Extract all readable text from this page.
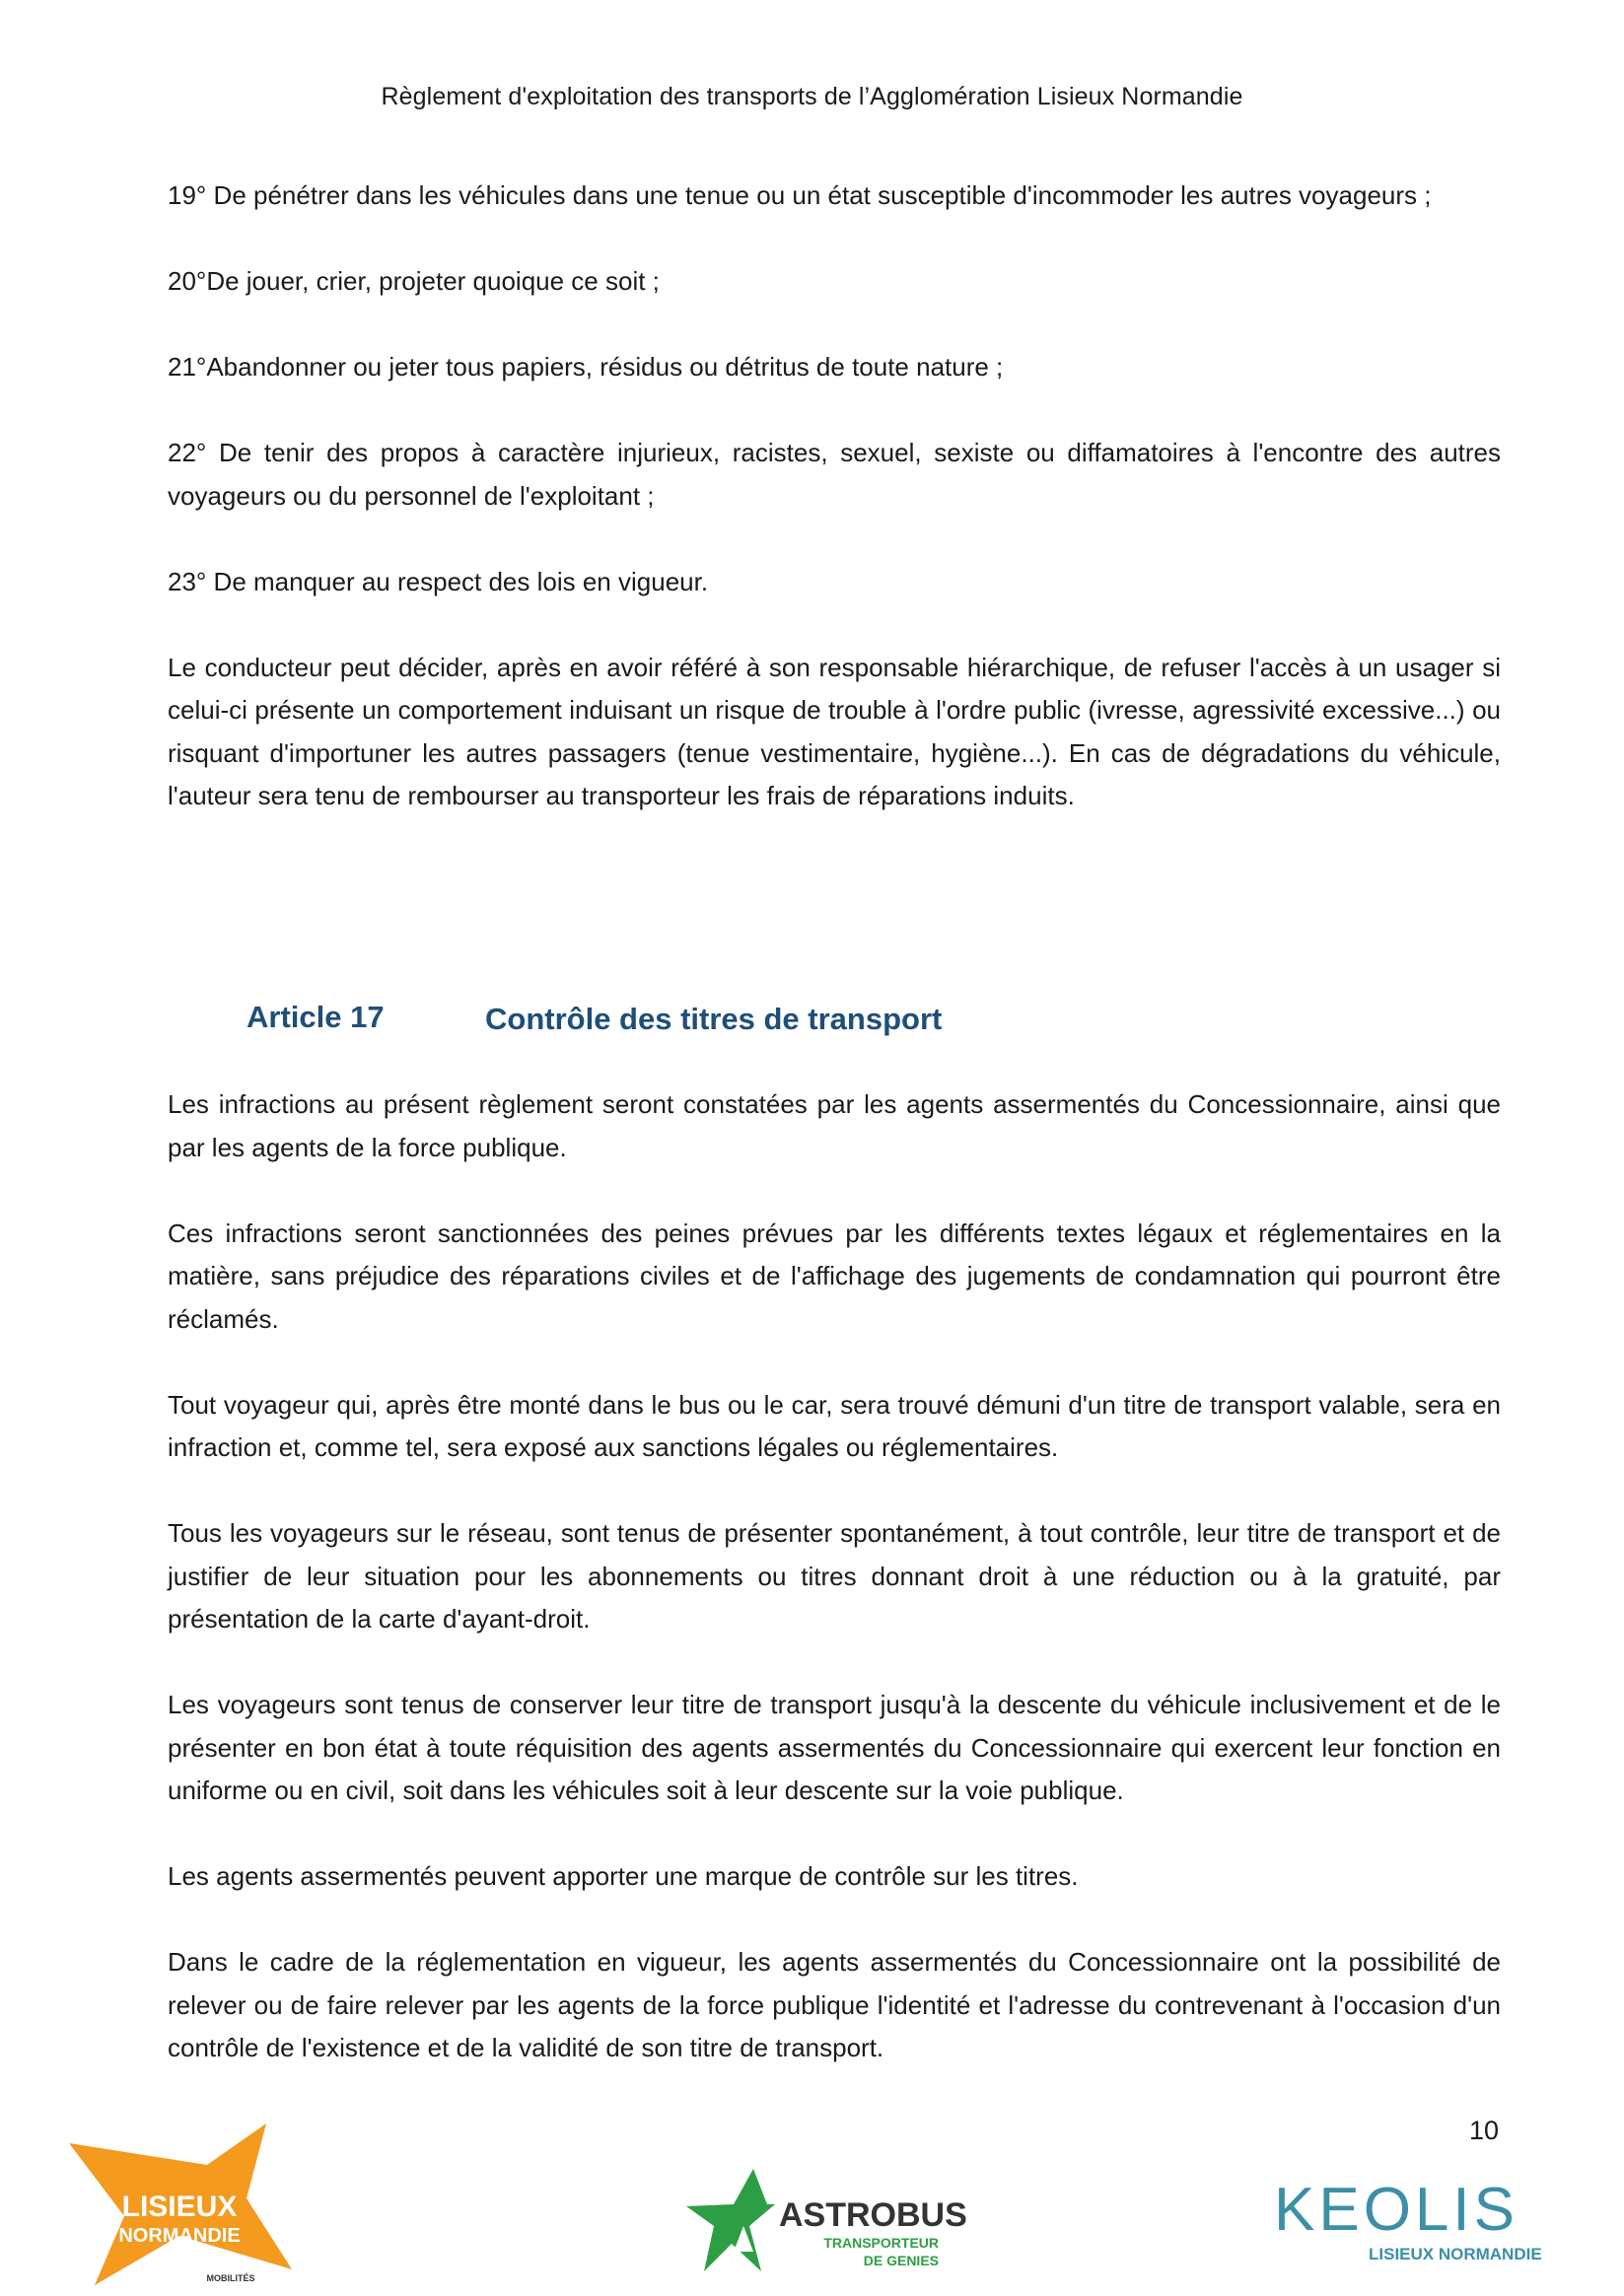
Règlement d'exploitation des transports de l’Agglomération Lisieux Normandie

19° De pénétrer dans les véhicules dans une tenue ou un état susceptible d'incommoder les autres voyageurs ;

20°De jouer, crier, projeter quoique ce soit ;

21°Abandonner ou jeter tous papiers, résidus ou détritus de toute nature ;

22° De tenir des propos à caractère injurieux, racistes, sexuel, sexiste ou diffamatoires à l'encontre des autres voyageurs ou du personnel de l'exploitant ;

23° De manquer au respect des lois en vigueur.

Le conducteur peut décider, après en avoir référé à son responsable hiérarchique, de refuser l'accès à un usager si celui-ci présente un comportement induisant un risque de trouble à l'ordre public (ivresse, agressivité excessive...) ou risquant d'importuner les autres passagers (tenue vestimentaire, hygiène...). En cas de dégradations du véhicule, l'auteur sera tenu de rembourser au transporteur les frais de réparations induits.

Article 17	Contrôle des titres de transport

Les infractions au présent règlement seront constatées par les agents assermentés du Concessionnaire, ainsi que par les agents de la force publique.

Ces infractions seront sanctionnées des peines prévues par les différents textes légaux et réglementaires en la matière, sans préjudice des réparations civiles et de l'affichage des jugements de condamnation qui pourront être réclamés.

Tout voyageur qui, après être monté dans le bus ou le car, sera trouvé démuni d'un titre de transport valable, sera en infraction et, comme tel, sera exposé aux sanctions légales ou réglementaires.

Tous les voyageurs sur le réseau, sont tenus de présenter spontanément, à tout contrôle, leur titre de transport et de justifier de leur situation pour les abonnements ou titres donnant droit à une réduction ou à la gratuité, par présentation de la carte d'ayant-droit.

Les voyageurs sont tenus de conserver leur titre de transport jusqu'à la descente du véhicule inclusivement et de le présenter en bon état à toute réquisition des agents assermentés du Concessionnaire qui exercent leur fonction en uniforme ou en civil, soit dans les véhicules soit à leur descente sur la voie publique.

Les agents assermentés peuvent apporter une marque de contrôle sur les titres.

Dans le cadre de la réglementation en vigueur, les agents assermentés du Concessionnaire ont la possibilité de relever ou de faire relever par les agents de la force publique l'identité et l'adresse du contrevenant à l'occasion d'un contrôle de l'existence et de la validité de son titre de transport.

10
LISIEUX
NORMANDIE
MOBILITÉS
ASTROBUS
TRANSPORTEUR
DE GENIES
KEOLIS
LISIEUX NORMANDIE
